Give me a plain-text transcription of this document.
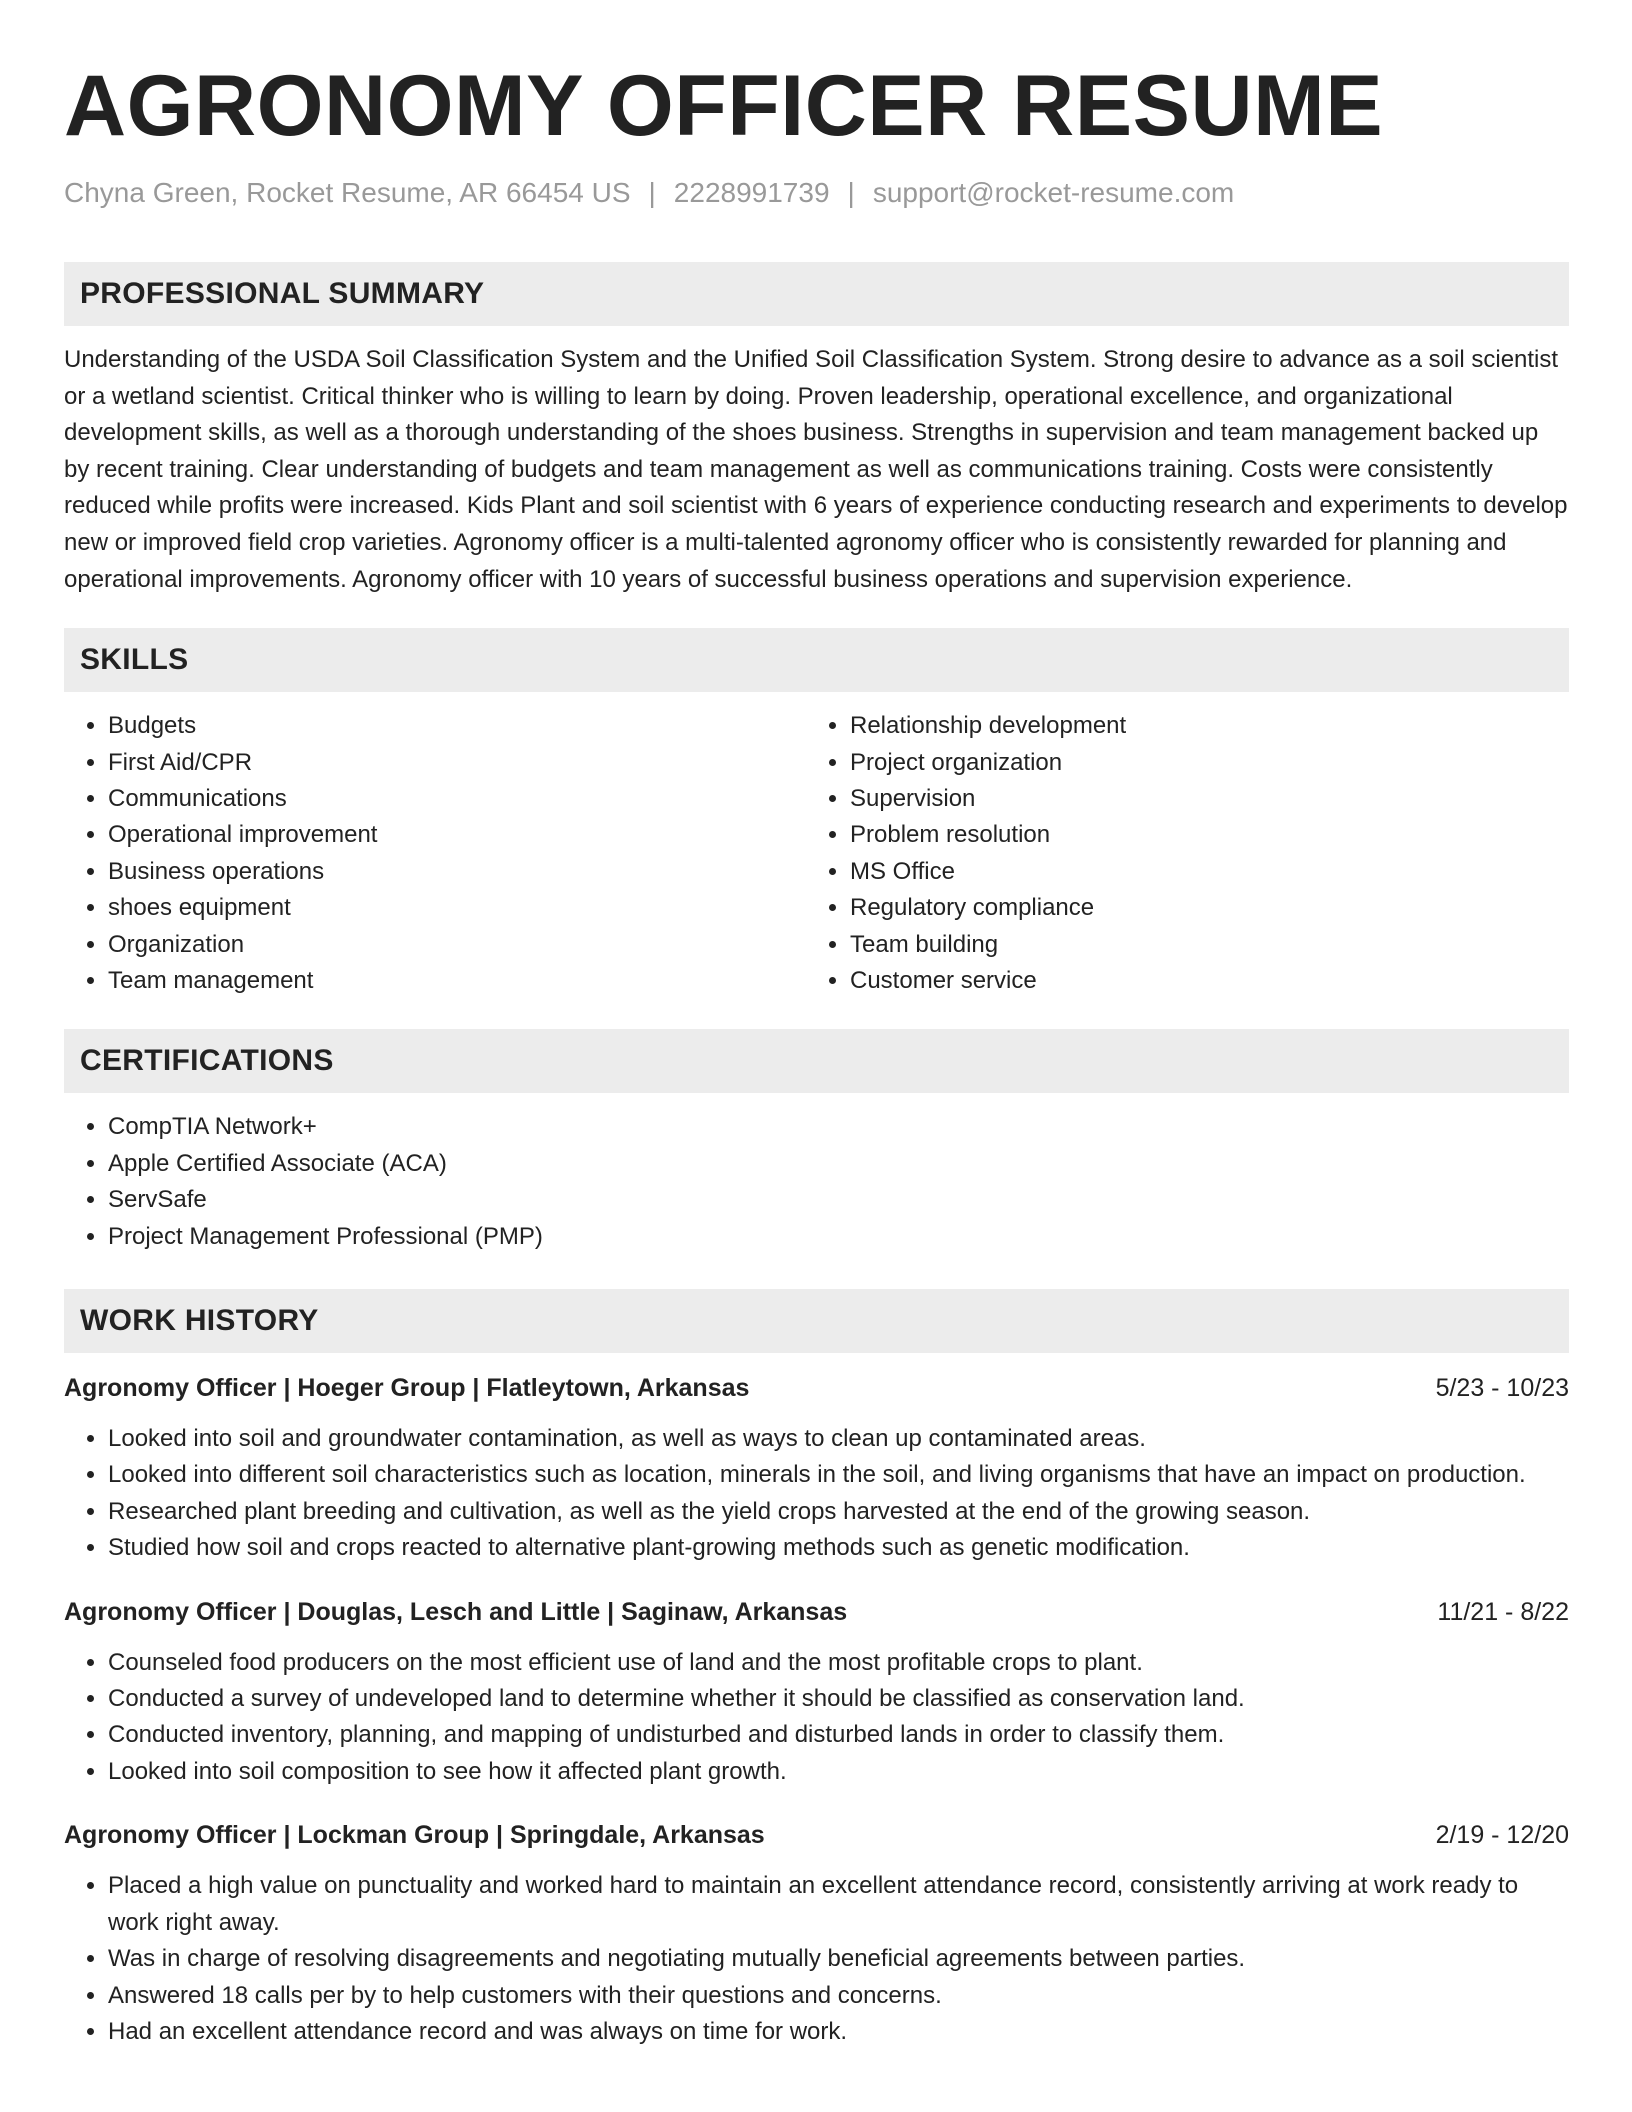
AGRONOMY OFFICER RESUME
Chyna Green, Rocket Resume, AR 66454 US | 2228991739 | support@rocket-resume.com
PROFESSIONAL SUMMARY

Understanding of the USDA Soil Classification System and the Unified Soil Classification System. Strong desire to advance as a soil scientist or a wetland scientist. Critical thinker who is willing to learn by doing. Proven leadership, operational excellence, and organizational development skills, as well as a thorough understanding of the shoes business. Strengths in supervision and team management backed up by recent training. Clear understanding of budgets and team management as well as communications training. Costs were consistently reduced while profits were increased. Kids Plant and soil scientist with 6 years of experience conducting research and experiments to develop new or improved field crop varieties. Agronomy officer is a multi-talented agronomy officer who is consistently rewarded for planning and operational improvements. Agronomy officer with 10 years of successful business operations and supervision experience.

SKILLS
• Budgets
• First Aid/CPR
• Communications
• Operational improvement
• Business operations
• shoes equipment
• Organization
• Team management
• Relationship development
• Project organization
• Supervision
• Problem resolution
• MS Office
• Regulatory compliance
• Team building
• Customer service
CERTIFICATIONS
• CompTIA Network+
• Apple Certified Associate (ACA)
• ServSafe
• Project Management Professional (PMP)
WORK HISTORY
Agronomy Officer | Hoeger Group | Flatleytown, Arkansas	5/23 - 10/23
• Looked into soil and groundwater contamination, as well as ways to clean up contaminated areas.
• Looked into different soil characteristics such as location, minerals in the soil, and living organisms that have an impact on production.
• Researched plant breeding and cultivation, as well as the yield crops harvested at the end of the growing season.
• Studied how soil and crops reacted to alternative plant-growing methods such as genetic modification.
Agronomy Officer | Douglas, Lesch and Little | Saginaw, Arkansas	11/21 - 8/22
• Counseled food producers on the most efficient use of land and the most profitable crops to plant.
• Conducted a survey of undeveloped land to determine whether it should be classified as conservation land.
• Conducted inventory, planning, and mapping of undisturbed and disturbed lands in order to classify them.
• Looked into soil composition to see how it affected plant growth.
Agronomy Officer | Lockman Group | Springdale, Arkansas	2/19 - 12/20
• Placed a high value on punctuality and worked hard to maintain an excellent attendance record, consistently arriving at work ready to work right away.
• Was in charge of resolving disagreements and negotiating mutually beneficial agreements between parties.
• Answered 18 calls per by to help customers with their questions and concerns.
• Had an excellent attendance record and was always on time for work.
